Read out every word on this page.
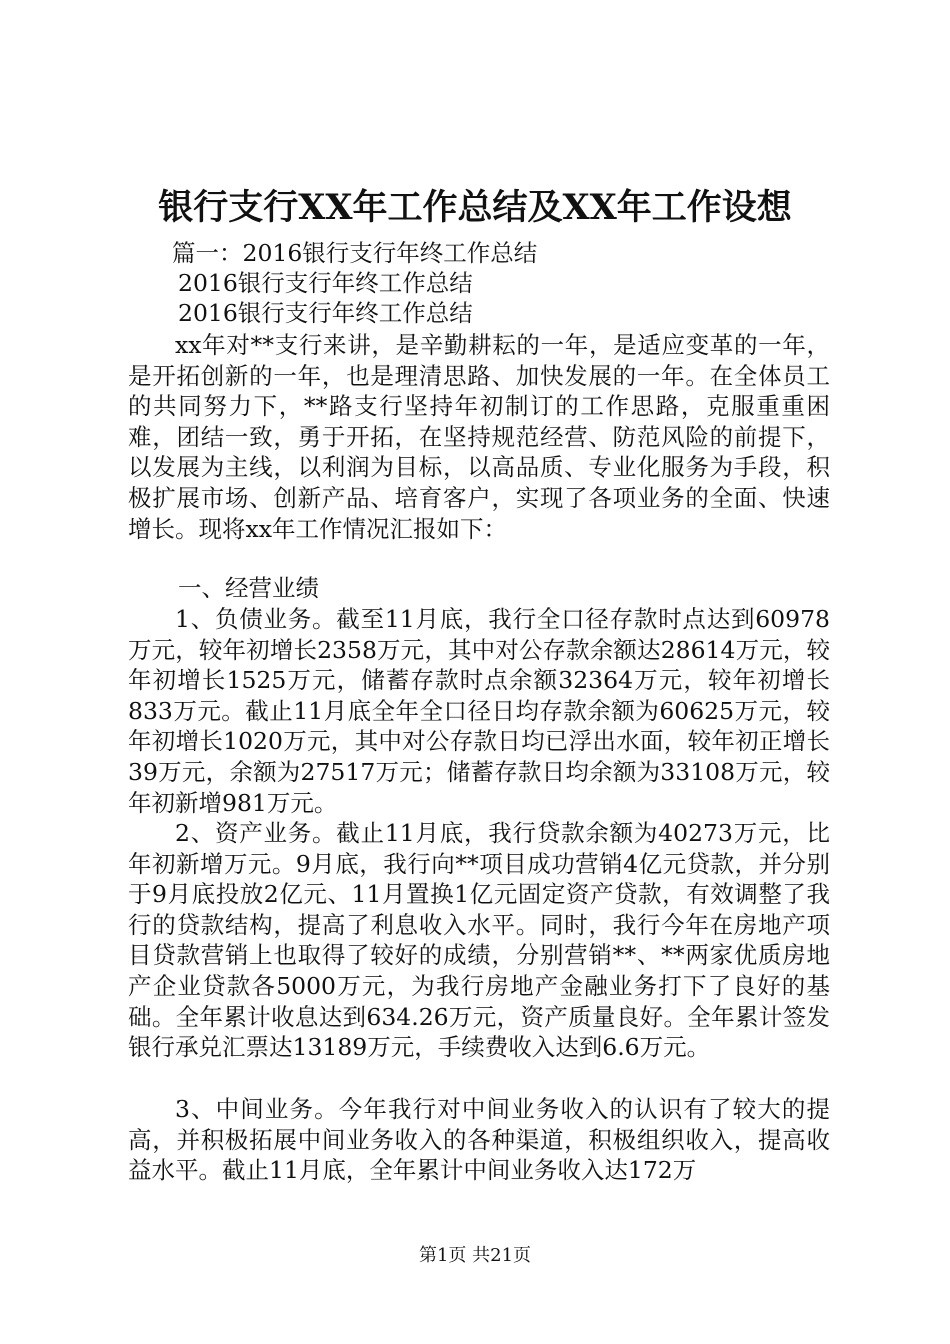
银行支行XX年工作总结及XX年工作设想

篇一：2016银行支行年终工作总结

2016银行支行年终工作总结

2016银行支行年终工作总结

xx年对**支行来讲，是辛勤耕耘的一年，是适应变革的一年，是开拓创新的一年，也是理清思路、加快发展的一年。在全体员工的共同努力下，**路支行坚持年初制订的工作思路，克服重重困难，团结一致，勇于开拓，在坚持规范经营、防范风险的前提下，以发展为主线，以利润为目标，以高品质、专业化服务为手段，积极扩展市场、创新产品、培育客户，实现了各项业务的全面、快速增长。现将xx年工作情况汇报如下：

一、经营业绩

1、负债业务。截至11月底，我行全口径存款时点达到60978万元，较年初增长2358万元，其中对公存款余额达28614万元，较年初增长1525万元，储蓄存款时点余额32364万元，较年初增长833万元。截止11月底全年全口径日均存款余额为60625万元，较年初增长1020万元，其中对公存款日均已浮出水面，较年初正增长39万元，余额为27517万元；储蓄存款日均余额为33108万元，较年初新增981万元。

2、资产业务。截止11月底，我行贷款余额为40273万元，比年初新增万元。9月底，我行向**项目成功营销4亿元贷款，并分别于9月底投放2亿元、11月置换1亿元固定资产贷款，有效调整了我行的贷款结构，提高了利息收入水平。同时，我行今年在房地产项目贷款营销上也取得了较好的成绩，分别营销**、**两家优质房地产企业贷款各5000万元，为我行房地产金融业务打下了良好的基础。全年累计收息达到634.26万元，资产质量良好。全年累计签发银行承兑汇票达13189万元，手续费收入达到6.6万元。

3、中间业务。今年我行对中间业务收入的认识有了较大的提高，并积极拓展中间业务收入的各种渠道，积极组织收入，提高收益水平。截止11月底，全年累计中间业务收入达172万

第1页 共21页
